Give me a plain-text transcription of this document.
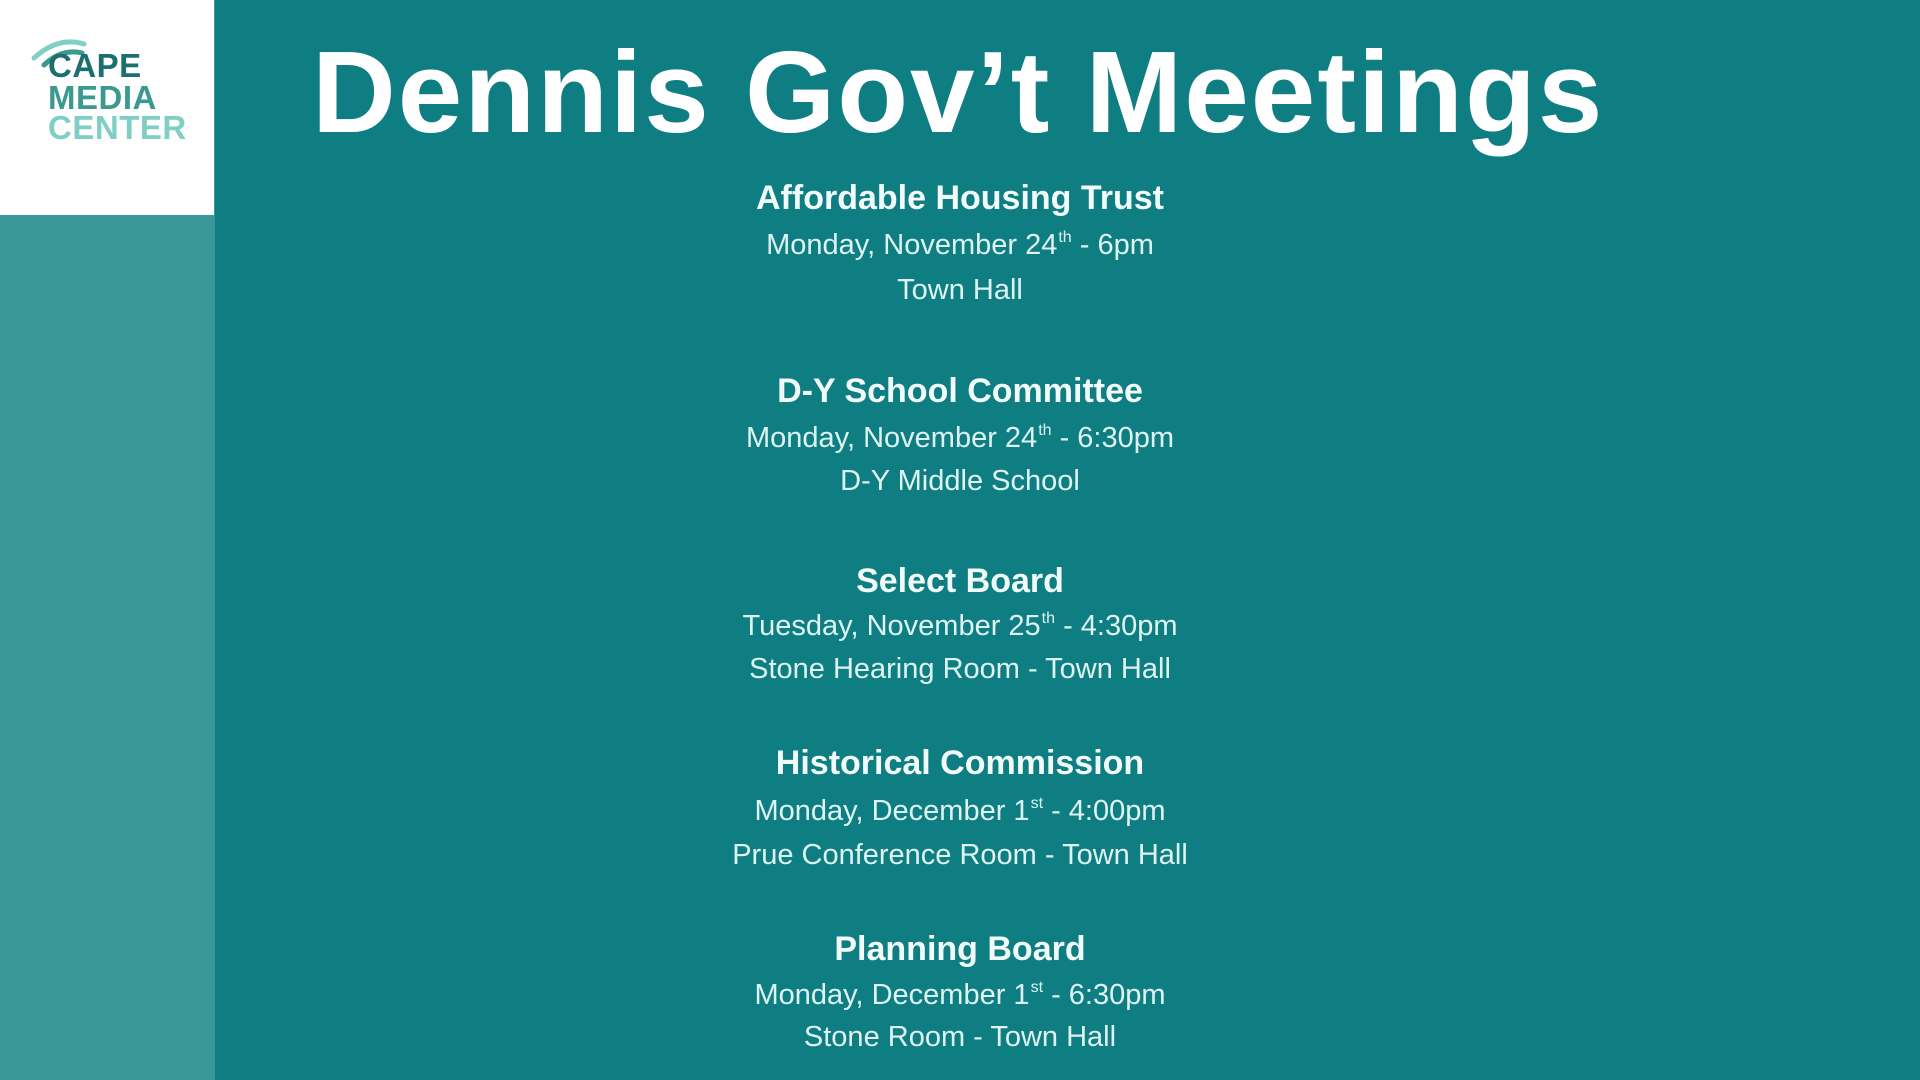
CAPE
MEDIA
CENTER Dennis Gov’t Meetings
Affordable Housing Trust
Monday, November 24th - 6pm
Town Hall
D-Y School Committee
Monday, November 24th - 6:30pm
D-Y Middle School
Select Board
Tuesday, November 25th - 4:30pm
Stone Hearing Room - Town Hall
Historical Commission
Monday, December 1st - 4:00pm
Prue Conference Room - Town Hall
Planning Board
Monday, December 1st - 6:30pm
Stone Room - Town Hall
